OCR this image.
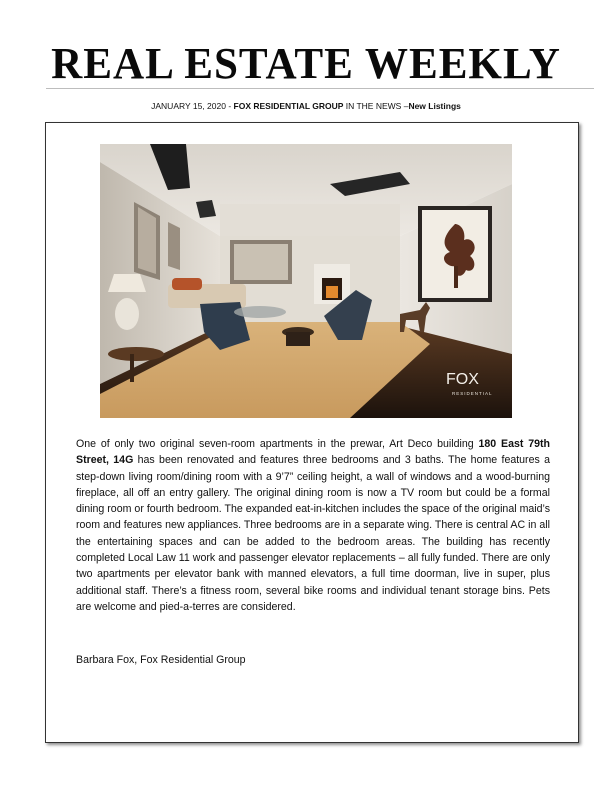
REAL ESTATE WEEKLY
JANUARY 15, 2020 - FOX RESIDENTIAL GROUP IN THE NEWS –New Listings
FOX
RESIDENTIAL
One of only two original seven-room apartments in the prewar, Art Deco building 180 East 79th Street, 14G has been renovated and features three bedrooms and 3 baths. The home features a step-down living room/dining room with a 9’7” ceiling height, a wall of windows and a wood-burning fireplace, all off an entry gallery. The original dining room is now a TV room but could be a formal dining room or fourth bedroom. The expanded eat-in-kitchen includes the space of the original maid’s room and features new appliances. Three bedrooms are in a separate wing. There is central AC in all the entertaining spaces and can be added to the bedroom areas. The building has recently completed Local Law 11 work and passenger elevator replacements – all fully funded. There are only two apartments per elevator bank with manned elevators, a full time doorman, live in super, plus additional staff. There’s a fitness room, several bike rooms and individual tenant storage bins. Pets are welcome and pied-a-terres are considered.
Barbara Fox, Fox Residential Group
